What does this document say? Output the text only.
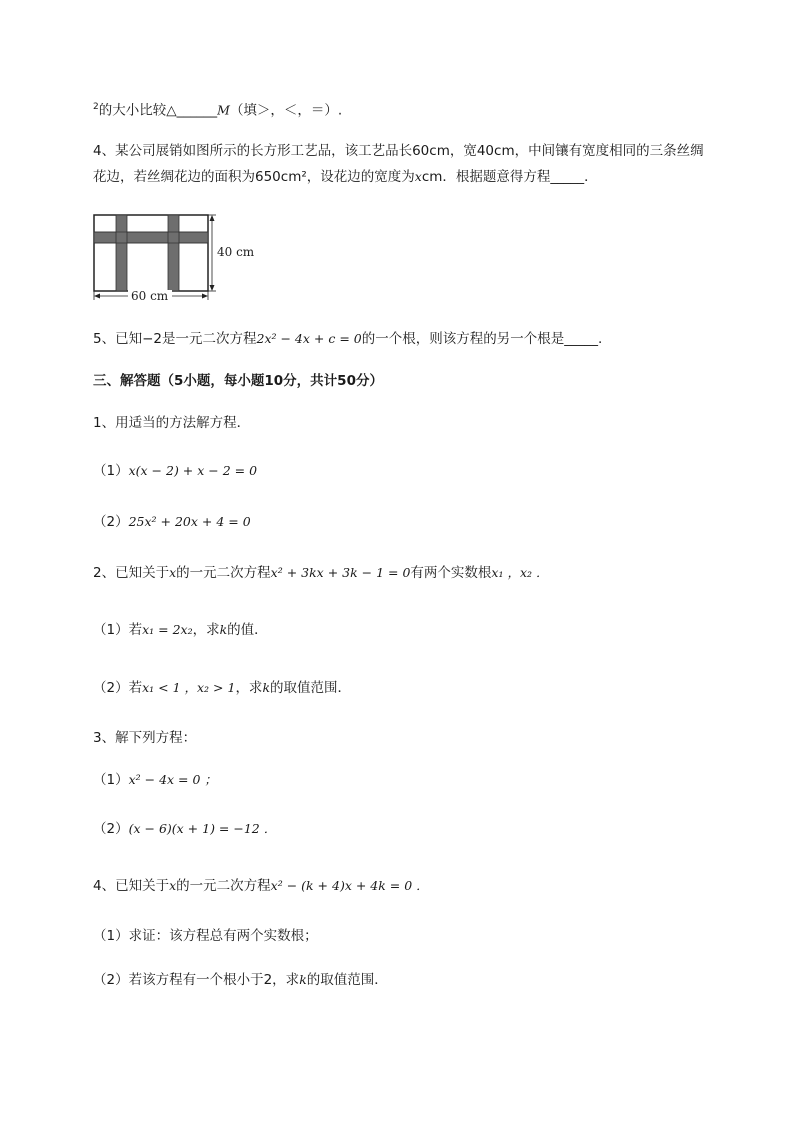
$^2$的大小比较△______M（填＞，＜，＝）.
4、某公司展销如图所示的长方形工艺品，该工艺品长60cm，宽40cm，中间镶有宽度相同的三条丝绸
花边，若丝绸花边的面积为650cm²，设花边的宽度为xcm．根据题意得方程_____．
40 cm
60 cm
5、已知−2是一元二次方程2x² − 4x + c = 0的一个根，则该方程的另一个根是_____.
三、解答题（5小题，每小题10分，共计50分）
1、用适当的方法解方程．
（1）x(x − 2) + x − 2 = 0
（2）25x² + 20x + 4 = 0
2、已知关于x的一元二次方程x² + 3kx + 3k − 1 = 0有两个实数根x₁ ，x₂ ．
（1）若x₁ = 2x₂，求k的值．
（2）若x₁ < 1 ，x₂ > 1，求k的取值范围．
3、解下列方程：
（1）x² − 4x = 0 ；
（2）(x − 6)(x + 1) = −12 ．
4、已知关于x的一元二次方程x² − (k + 4)x + 4k = 0 ．
（1）求证：该方程总有两个实数根；
（2）若该方程有一个根小于2，求k的取值范围．
